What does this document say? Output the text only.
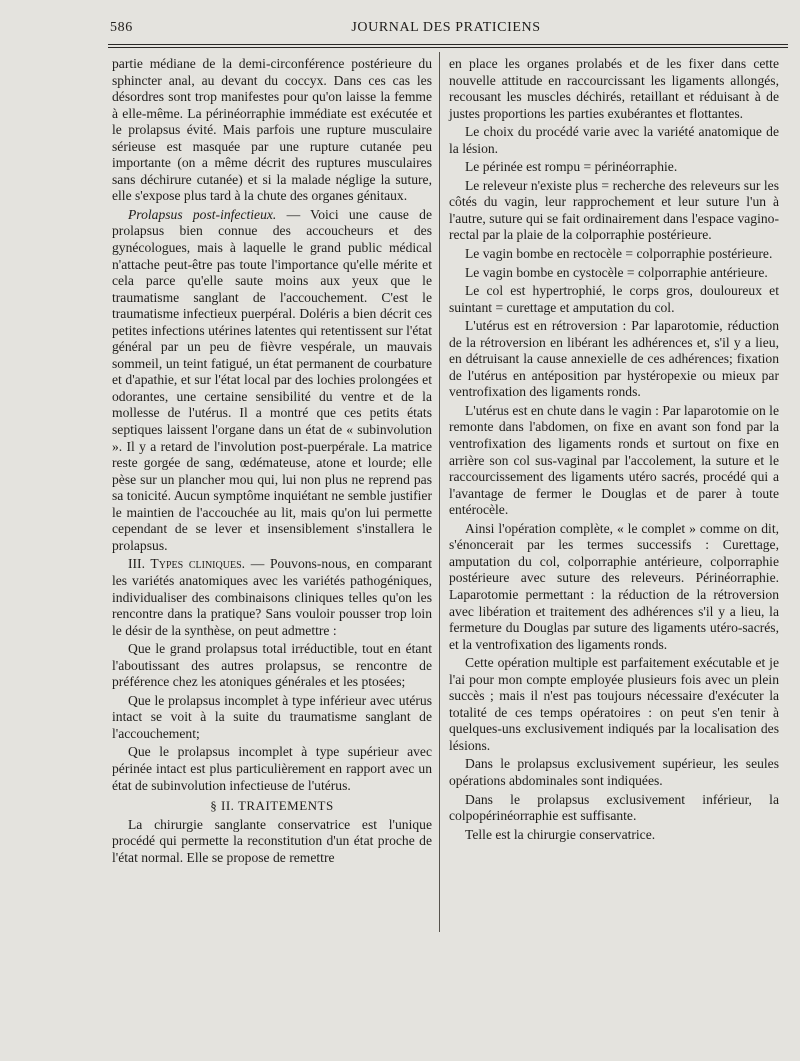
586	JOURNAL DES PRATICIENS

partie médiane de la demi-circonférence postérieure du sphincter anal, au devant du coccyx. Dans ces cas les désordres sont trop manifestes pour qu'on laisse la femme à elle-même. La périnéorraphie immédiate est exécutée et le prolapsus évité. Mais parfois une rupture musculaire sérieuse est masquée par une rupture cutanée peu importante (on a même décrit des ruptures musculaires sans déchirure cutanée) et si la malade néglige la suture, elle s'expose plus tard à la chute des organes génitaux.

Prolapsus post-infectieux. — Voici une cause de prolapsus bien connue des accoucheurs et des gynécologues, mais à laquelle le grand public médical n'attache peut-être pas toute l'importance qu'elle mérite et cela parce qu'elle saute moins aux yeux que le traumatisme sanglant de l'accouchement. C'est le traumatisme infectieux puerpéral. Doléris a bien décrit ces petites infections utérines latentes qui retentissent sur l'état général par un peu de fièvre vespérale, un mauvais sommeil, un teint fatigué, un état permanent de courbature et d'apathie, et sur l'état local par des lochies prolongées et odorantes, une certaine sensibilité du ventre et de la mollesse de l'utérus. Il a montré que ces petits états septiques laissent l'organe dans un état de « subinvolution ». Il y a retard de l'involution post-puerpérale. La matrice reste gorgée de sang, œdémateuse, atone et lourde; elle pèse sur un plancher mou qui, lui non plus ne reprend pas sa tonicité. Aucun symptôme inquiétant ne semble justifier le maintien de l'accouchée au lit, mais qu'on lui permette cependant de se lever et insensiblement s'installera le prolapsus.

III. Types cliniques. — Pouvons-nous, en comparant les variétés anatomiques avec les variétés pathogéniques, individualiser des combinaisons cliniques telles qu'on les rencontre dans la pratique? Sans vouloir pousser trop loin le désir de la synthèse, on peut admettre :

Que le grand prolapsus total irréductible, tout en étant l'aboutissant des autres prolapsus, se rencontre de préférence chez les atoniques générales et les ptosées;

Que le prolapsus incomplet à type inférieur avec utérus intact se voit à la suite du traumatisme sanglant de l'accouchement;

Que le prolapsus incomplet à type supérieur avec périnée intact est plus particulièrement en rapport avec un état de subinvolution infectieuse de l'utérus.

§ II. TRAITEMENTS

La chirurgie sanglante conservatrice est l'unique procédé qui permette la reconstitution d'un état proche de l'état normal. Elle se propose de remettre

en place les organes prolabés et de les fixer dans cette nouvelle attitude en raccourcissant les ligaments allongés, recousant les muscles déchirés, retaillant et réduisant à de justes proportions les parties exubérantes et flottantes.

Le choix du procédé varie avec la variété anatomique de la lésion.

Le périnée est rompu = périnéorraphie.

Le releveur n'existe plus = recherche des releveurs sur les côtés du vagin, leur rapprochement et leur suture l'un à l'autre, suture qui se fait ordinairement dans l'espace vagino-rectal par la plaie de la colporraphie postérieure.

Le vagin bombe en rectocèle = colporraphie postérieure.

Le vagin bombe en cystocèle = colporraphie antérieure.

Le col est hypertrophié, le corps gros, douloureux et suintant = curettage et amputation du col.

L'utérus est en rétroversion : Par laparotomie, réduction de la rétroversion en libérant les adhérences et, s'il y a lieu, en détruisant la cause annexielle de ces adhérences; fixation de l'utérus en antéposition par hystéropexie ou mieux par ventrofixation des ligaments ronds.

L'utérus est en chute dans le vagin : Par laparotomie on le remonte dans l'abdomen, on fixe en avant son fond par la ventrofixation des ligaments ronds et surtout on fixe en arrière son col sus-vaginal par l'accolement, la suture et le raccourcissement des ligaments utéro sacrés, procédé qui a l'avantage de fermer le Douglas et de parer à toute entérocèle.

Ainsi l'opération complète, « le complet » comme on dit, s'énoncerait par les termes successifs : Curettage, amputation du col, colporraphie antérieure, colporraphie postérieure avec suture des releveurs. Périnéorraphie. Laparotomie permettant : la réduction de la rétroversion avec libération et traitement des adhérences s'il y a lieu, la fermeture du Douglas par suture des ligaments utéro-sacrés, et la ventrofixation des ligaments ronds.

Cette opération multiple est parfaitement exécutable et je l'ai pour mon compte employée plusieurs fois avec un plein succès ; mais il n'est pas toujours nécessaire d'exécuter la totalité de ces temps opératoires : on peut s'en tenir à quelques-uns exclusivement indiqués par la localisation des lésions.

Dans le prolapsus exclusivement supérieur, les seules opérations abdominales sont indiquées.

Dans le prolapsus exclusivement inférieur, la colpopérinéorraphie est suffisante.

Telle est la chirurgie conservatrice.
